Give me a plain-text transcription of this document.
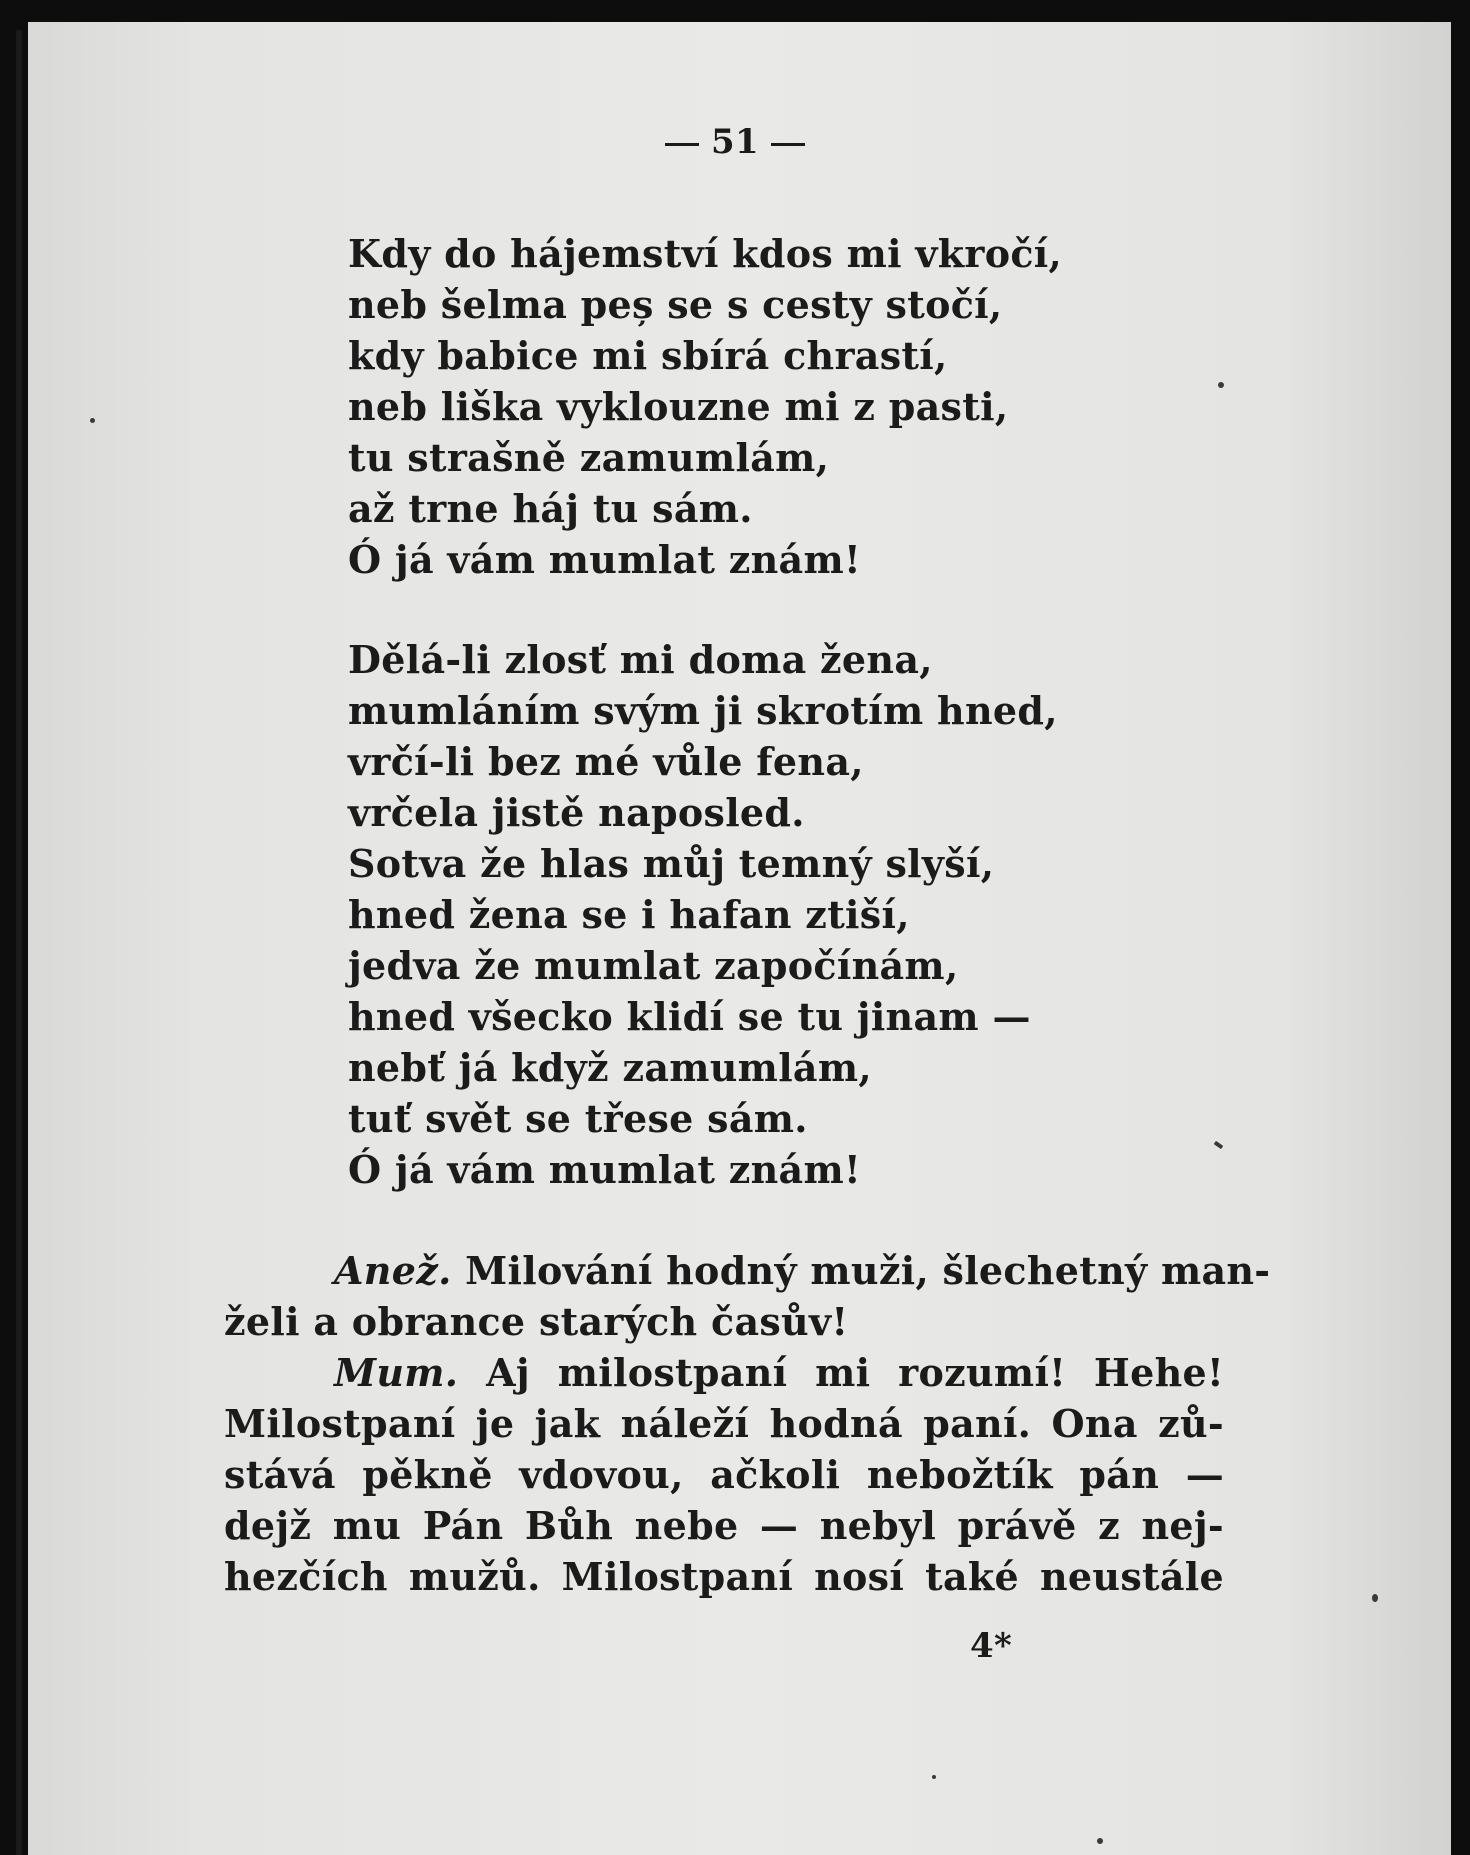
51
Kdy do hájemství kdos mi vkročí,
neb šelma peș se s cesty stočí,
kdy babice mi sbírá chrastí,
neb liška vyklouzne mi z pasti,
tu strašně zamumlám,
až trne háj tu sám.
Ó já vám mumlat znám!
Dělá-li zlosť mi doma žena,
mumláním svým ji skrotím hned,
vrčí-li bez mé vůle fena,
vrčela jistě naposled.
Sotva že hlas můj temný slyší,
hned žena se i hafan ztiší,
jedva že mumlat započínám,
hned všecko klidí se tu jinam —
nebť já když zamumlám,
tuť svět se třese sám.
Ó já vám mumlat znám!
Anež. Milování hodný muži, šlechetný man-
želi a obrance starých časův!
Mum. Aj milostpaní mi rozumí! Hehe!
Milostpaní je jak náleží hodná paní. Ona zů-
stává pěkně vdovou, ačkoli nebožtík pán —
dejž mu Pán Bůh nebe — nebyl právě z nej-
hezčích mužů. Milostpaní nosí také neustále
4*
